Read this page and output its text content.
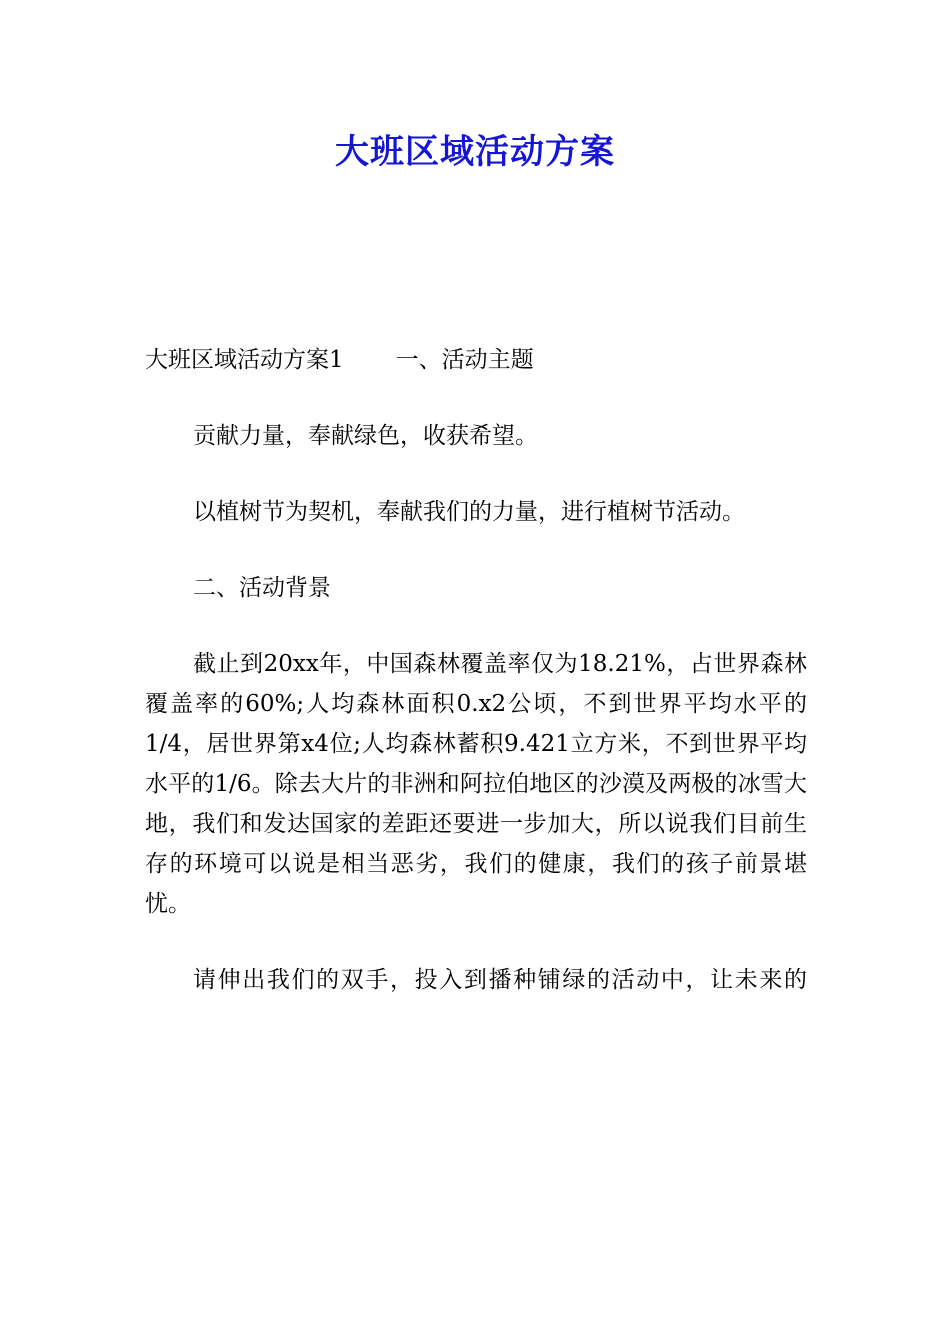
大班区域活动方案

大班区域活动方案1 一、活动主题

贡献力量，奉献绿色，收获希望。

以植树节为契机，奉献我们的力量，进行植树节活动。

二、活动背景

截止到20xx年，中国森林覆盖率仅为18.21%，占世界森林覆盖率的60%;人均森林面积0.x2公顷，不到世界平均水平的1/4，居世界第x4位;人均森林蓄积9.421立方米，不到世界平均水平的1/6。除去大片的非洲和阿拉伯地区的沙漠及两极的冰雪大地，我们和发达国家的差距还要进一步加大，所以说我们目前生存的环境可以说是相当恶劣，我们的健康，我们的孩子前景堪忧。

请伸出我们的双手，投入到播种铺绿的活动中，让未来的
